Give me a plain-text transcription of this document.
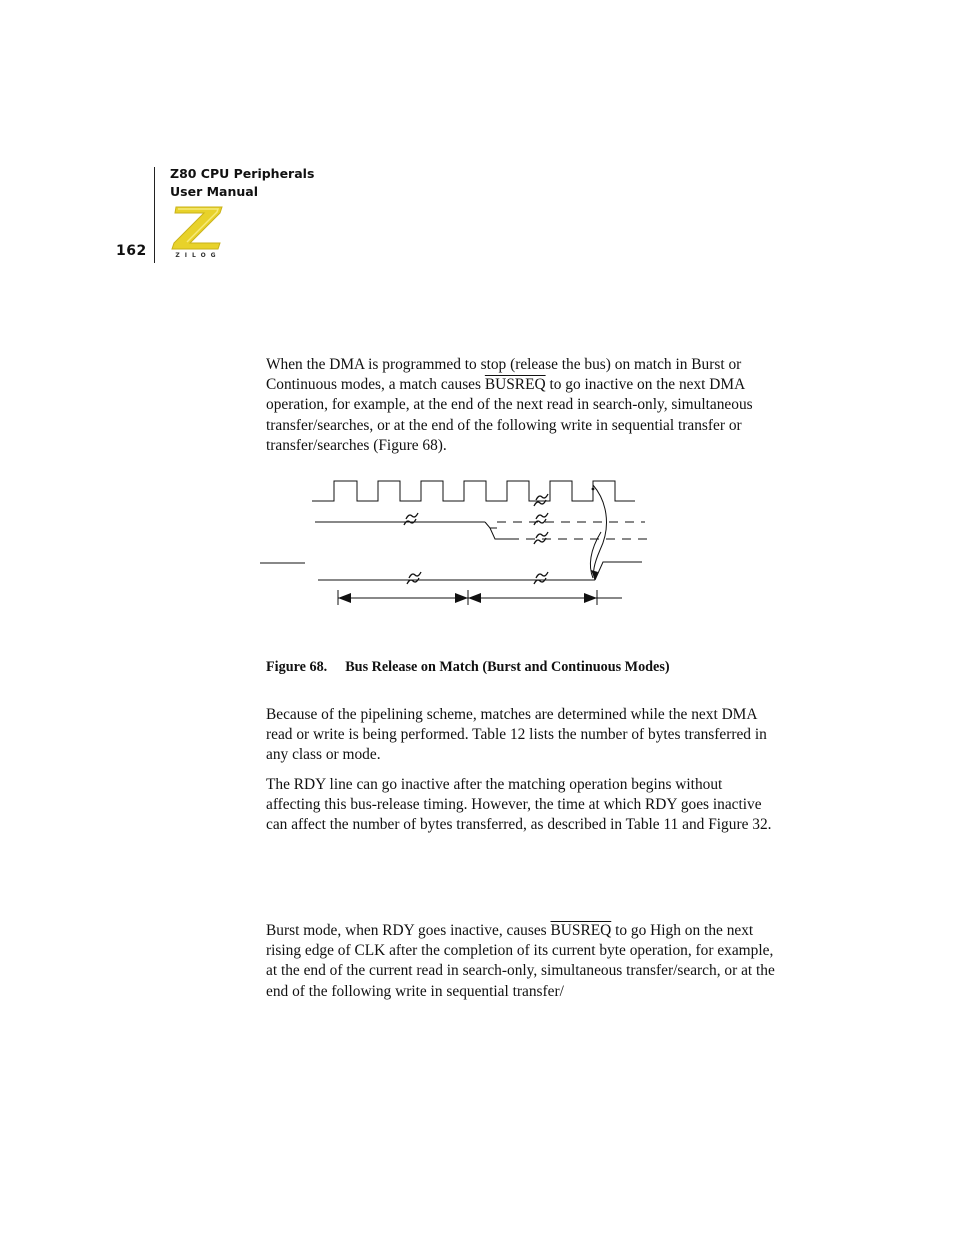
162
Z80 CPU Peripherals
User Manual
ZILOG

When the DMA is programmed to stop (release the bus) on match in Burst or Continuous modes, a match causes BUSREQ to go inactive on the next DMA operation, for example, at the end of the next read in search-only, simultaneous transfer/searches, or at the end of the following write in sequential transfer or transfer/searches (Figure 68).

Figure 68. Bus Release on Match (Burst and Continuous Modes)

Because of the pipelining scheme, matches are determined while the next DMA read or write is being performed. Table 12 lists the number of bytes transferred in any class or mode.

The RDY line can go inactive after the matching operation begins without affecting this bus-release timing. However, the time at which RDY goes inactive can affect the number of bytes transferred, as described in Table 11 and Figure 32.

Burst mode, when RDY goes inactive, causes BUSREQ to go High on the next rising edge of CLK after the completion of its current byte operation, for example, at the end of the current read in search-only, simultaneous transfer/search, or at the end of the following write in sequential transfer/
